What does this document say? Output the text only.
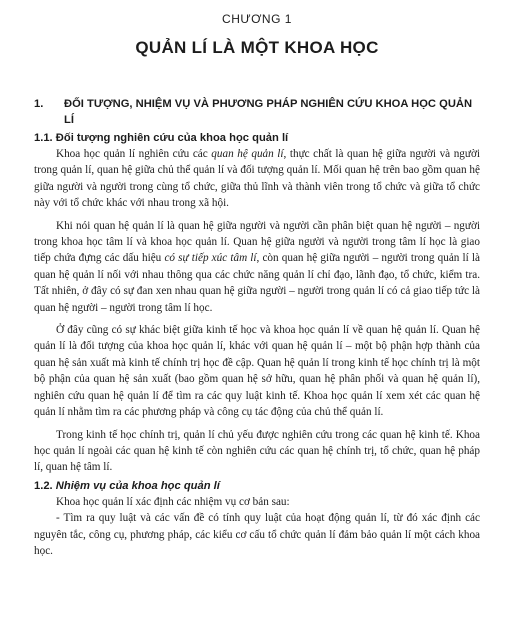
CHƯƠNG 1
QUẢN LÍ LÀ MỘT KHOA HỌC
1.	ĐỐI TƯỢNG, NHIỆM VỤ VÀ PHƯƠNG PHÁP NGHIÊN CỨU KHOA HỌC QUẢN LÍ
1.1. Đối tượng nghiên cứu của khoa học quản lí

Khoa học quản lí nghiên cứu các quan hệ quản lí, thực chất là quan hệ giữa người và người trong quản lí, quan hệ giữa chủ thể quản lí và đối tượng quản lí. Mối quan hệ trên bao gồm quan hệ giữa người và người trong cùng tổ chức, giữa thủ lĩnh và thành viên trong tổ chức và giữa tổ chức này với tổ chức khác với nhau trong xã hội.

Khi nói quan hệ quản lí là quan hệ giữa người và người cần phân biệt quan hệ người – người trong khoa học tâm lí và khoa học quản lí. Quan hệ giữa người và người trong tâm lí học là giao tiếp chứa đựng các dấu hiệu có sự tiếp xúc tâm lí, còn quan hệ giữa người – người trong quản lí là quan hệ quản lí nối với nhau thông qua các chức năng quản lí chỉ đạo, lãnh đạo, tổ chức, kiểm tra. Tất nhiên, ở đây có sự đan xen nhau quan hệ giữa người – người trong quản lí có cả giao tiếp tức là quan hệ người – người trong tâm lí học.

Ở đây cũng có sự khác biệt giữa kinh tế học và khoa học quản lí về quan hệ quản lí. Quan hệ quản lí là đối tượng của khoa học quản lí, khác với quan hệ quản lí – một bộ phận hợp thành của quan hệ sản xuất mà kinh tế chính trị học đề cập. Quan hệ quản lí trong kinh tế học chính trị là một bộ phận của quan hệ sản xuất (bao gồm quan hệ sở hữu, quan hệ phân phối và quan hệ quản lí), nghiên cứu quan hệ quản lí để tìm ra các quy luật kinh tế. Khoa học quản lí xem xét các quan hệ quản lí nhằm tìm ra các phương pháp và công cụ tác động của chủ thể quản lí.

Trong kinh tế học chính trị, quản lí chủ yếu được nghiên cứu trong các quan hệ kinh tế. Khoa học quản lí ngoài các quan hệ kinh tế còn nghiên cứu các quan hệ chính trị, tổ chức, quan hệ pháp lí, quan hệ tâm lí.

1.2. Nhiệm vụ của khoa học quản lí

Khoa học quản lí xác định các nhiệm vụ cơ bản sau:

- Tìm ra quy luật và các vấn đề có tính quy luật của hoạt động quản lí, từ đó xác định các nguyên tắc, công cụ, phương pháp, các kiểu cơ cấu tổ chức quản lí đảm bảo quản lí một cách khoa học.
